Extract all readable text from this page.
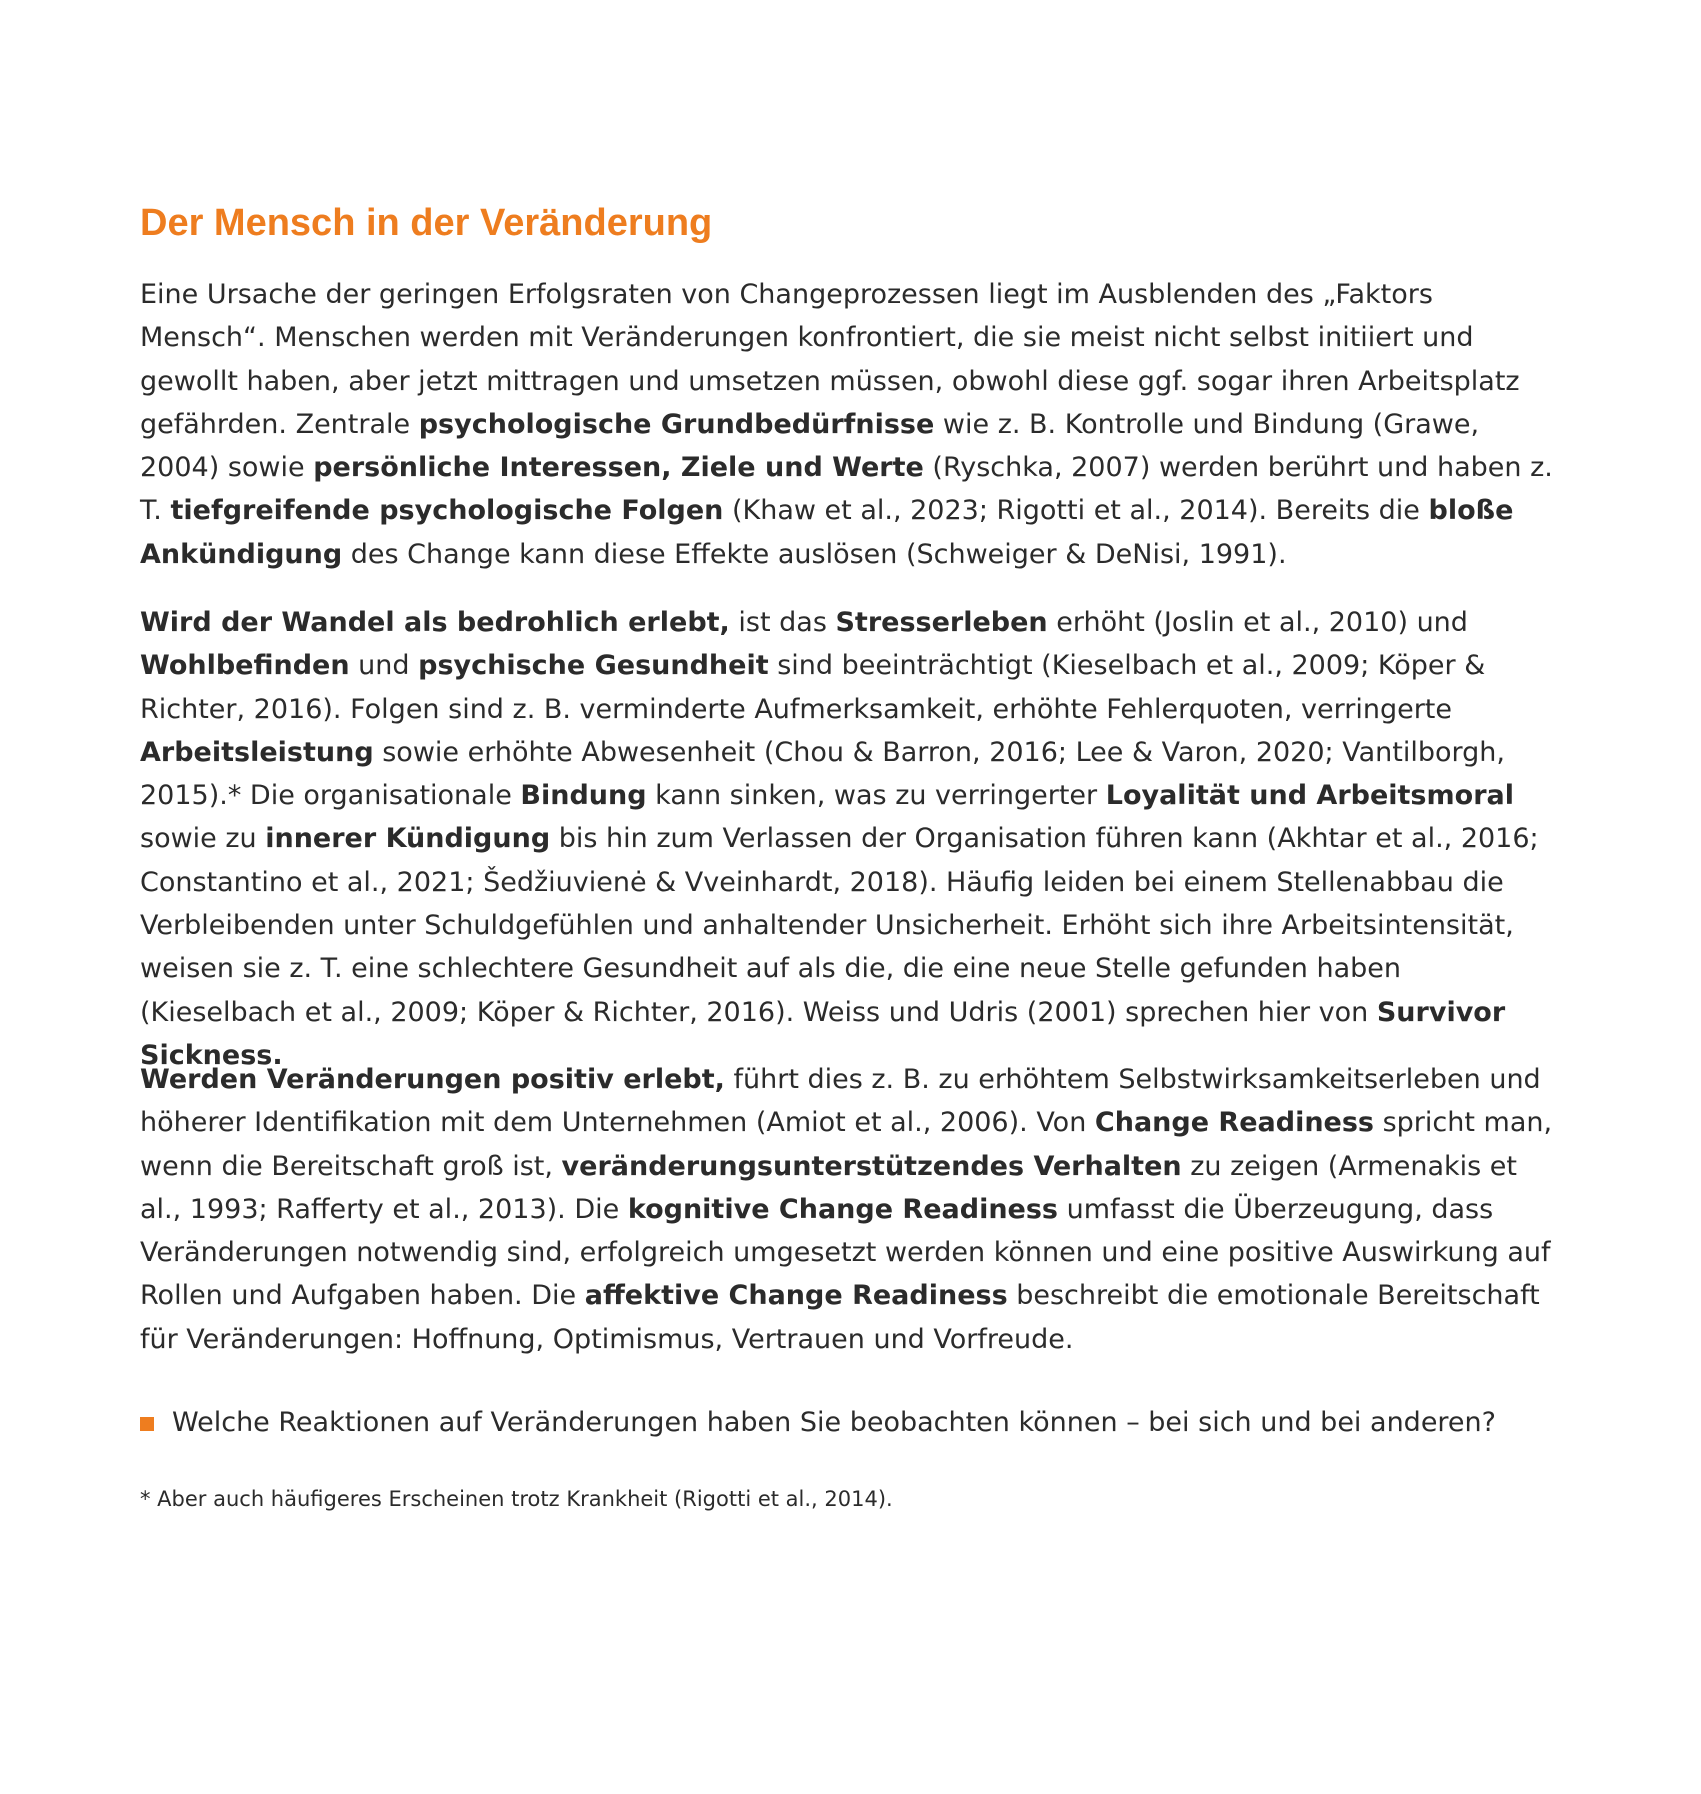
Der Mensch in der Veränderung

Eine Ursache der geringen Erfolgsraten von Changeprozessen liegt im Ausblenden des „Faktors Mensch“. Menschen werden mit Veränderungen konfrontiert, die sie meist nicht selbst initiiert und gewollt haben, aber jetzt mittragen und umsetzen müssen, obwohl diese ggf. sogar ihren Arbeitsplatz gefährden. Zentrale psychologische Grundbedürfnisse wie z. B. Kontrolle und Bindung (Grawe, 2004) sowie persönliche Interessen, Ziele und Werte (Ryschka, 2007) werden berührt und haben z. T. tiefgreifende psychologische Folgen (Khaw et al., 2023; Rigotti et al., 2014). Bereits die bloße Ankündigung des Change kann diese Effekte auslösen (Schweiger & DeNisi, 1991).

Wird der Wandel als bedrohlich erlebt, ist das Stresserleben erhöht (Joslin et al., 2010) und Wohlbefinden und psychische Gesundheit sind beeinträchtigt (Kieselbach et al., 2009; Köper & Richter, 2016). Folgen sind z. B. verminderte Aufmerksamkeit, erhöhte Fehlerquoten, verringerte Arbeitsleistung sowie erhöhte Abwesenheit (Chou & Barron, 2016; Lee & Varon, 2020; Vantilborgh, 2015).* Die organisationale Bindung kann sinken, was zu verringerter Loyalität und Arbeitsmoral sowie zu innerer Kündigung bis hin zum Verlassen der Organisation führen kann (Akhtar et al., 2016; Constantino et al., 2021; Šedžiuvienė & Vveinhardt, 2018). Häufig leiden bei einem Stellenabbau die Verbleibenden unter Schuldgefühlen und anhaltender Unsicherheit. Erhöht sich ihre Arbeitsintensität, weisen sie z. T. eine schlechtere Gesundheit auf als die, die eine neue Stelle gefunden haben (Kieselbach et al., 2009; Köper & Richter, 2016). Weiss und Udris (2001) sprechen hier von Survivor Sickness.

Werden Veränderungen positiv erlebt, führt dies z. B. zu erhöhtem Selbstwirksamkeitserleben und höherer Identifikation mit dem Unternehmen (Amiot et al., 2006). Von Change Readiness spricht man, wenn die Bereitschaft groß ist, veränderungsunterstützendes Verhalten zu zeigen (Armenakis et al., 1993; Rafferty et al., 2013). Die kognitive Change Readiness umfasst die Überzeugung, dass Veränderungen notwendig sind, erfolgreich umgesetzt werden können und eine positive Auswirkung auf Rollen und Aufgaben haben. Die affektive Change Readiness beschreibt die emotionale Bereitschaft für Veränderungen: Hoffnung, Optimismus, Vertrauen und Vorfreude.

Welche Reaktionen auf Veränderungen haben Sie beobachten können – bei sich und bei anderen?

* Aber auch häufigeres Erscheinen trotz Krankheit (Rigotti et al., 2014).
